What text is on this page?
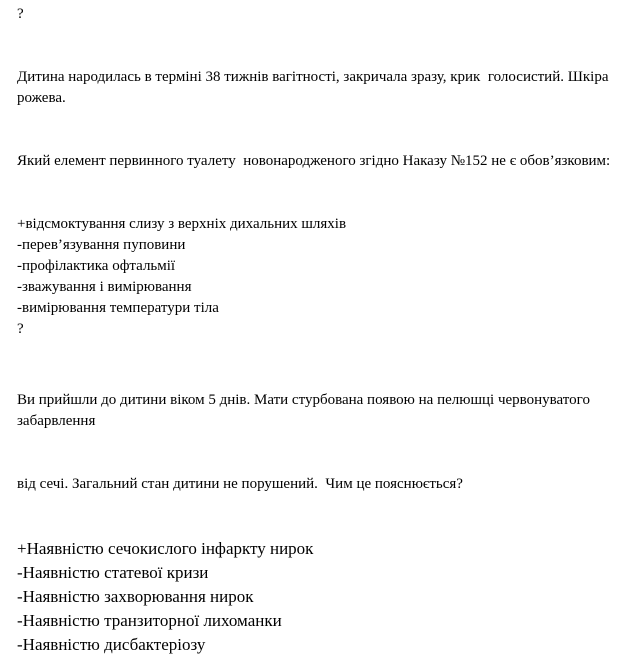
?

Дитина народилась в терміні 38 тижнів вагітності, закричала зразу, крик  голосистий. Шкіра рожева.

Який елемент первинного туалету  новонародженого згідно Наказу №152 не є обов’язковим:

+відсмоктування слизу з верхніх дихальних шляхів

-перев’язування пуповини

-профілактика офтальмії

-зважування і вимірювання

-вимірювання температури тіла

?

Ви прийшли до дитини віком 5 днів. Мати стурбована появою на пелюшці червонуватого забарвлення

від сечі. Загальний стан дитини не порушений.  Чим це пояснюється?

+Наявністю сечокислого інфаркту нирок

-Наявністю статевої кризи

-Наявністю захворювання нирок

-Наявністю транзиторної лихоманки

-Наявністю дисбактеріозу
